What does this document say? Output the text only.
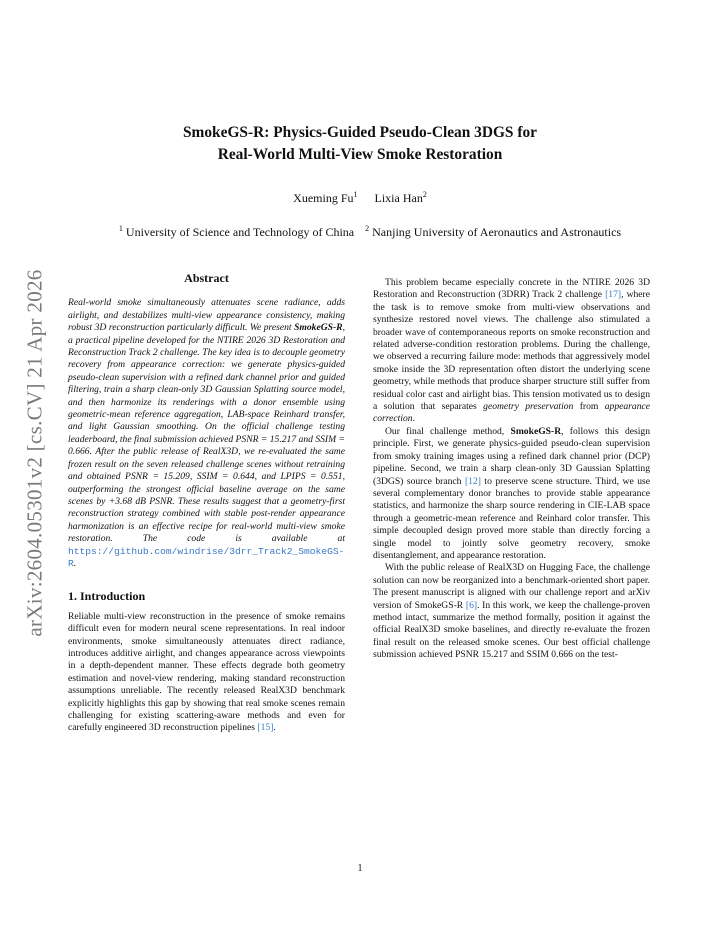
arXiv:2604.05301v2 [cs.CV] 21 Apr 2026
SmokeGS-R: Physics-Guided Pseudo-Clean 3DGS for
Real-World Multi-View Smoke Restoration
Xueming Fu$^1$ Lixia Han$^2$
$^1$ University of Science and Technology of China $^2$ Nanjing University of Aeronautics and Astronautics
Abstract

Real-world smoke simultaneously attenuates scene radiance, adds airlight, and destabilizes multi-view appearance consistency, making robust 3D reconstruction particularly difficult. We present SmokeGS-R, a practical pipeline developed for the NTIRE 2026 3D Restoration and Reconstruction Track 2 challenge. The key idea is to decouple geometry recovery from appearance correction: we generate physics-guided pseudo-clean supervision with a refined dark channel prior and guided filtering, train a sharp clean-only 3D Gaussian Splatting source model, and then harmonize its renderings with a donor ensemble using geometric-mean reference aggregation, LAB-space Reinhard transfer, and light Gaussian smoothing. On the official challenge testing leaderboard, the final submission achieved PSNR = 15.217 and SSIM = 0.666. After the public release of RealX3D, we re-evaluated the same frozen result on the seven released challenge scenes without retraining and obtained PSNR = 15.209, SSIM = 0.644, and LPIPS = 0.551, outperforming the strongest official baseline average on the same scenes by +3.68 dB PSNR. These results suggest that a geometry-first reconstruction strategy combined with stable post-render appearance harmonization is an effective recipe for real-world multi-view smoke restoration. The code is available at https://github.com/windrise/3drr_Track2_SmokeGS-R.

1. Introduction

Reliable multi-view reconstruction in the presence of smoke remains difficult even for modern neural scene representations. In real indoor environments, smoke simultaneously attenuates direct radiance, introduces additive airlight, and changes appearance across viewpoints in a depth-dependent manner. These effects degrade both geometry estimation and novel-view rendering, making standard reconstruction assumptions unreliable. The recently released RealX3D benchmark explicitly highlights this gap by showing that real smoke scenes remain challenging for existing scattering-aware methods and even for carefully engineered 3D reconstruction pipelines [15].

This problem became especially concrete in the NTIRE 2026 3D Restoration and Reconstruction (3DRR) Track 2 challenge [17], where the task is to remove smoke from multi-view observations and synthesize restored novel views. The challenge also stimulated a broader wave of contemporaneous reports on smoke reconstruction and related adverse-condition restoration problems. During the challenge, we observed a recurring failure mode: methods that aggressively model smoke inside the 3D representation often distort the underlying scene geometry, while methods that produce sharper structure still suffer from residual color cast and airlight bias. This tension motivated us to design a solution that separates geometry preservation from appearance correction.

Our final challenge method, SmokeGS-R, follows this design principle. First, we generate physics-guided pseudo-clean supervision from smoky training images using a refined dark channel prior (DCP) pipeline. Second, we train a sharp clean-only 3D Gaussian Splatting (3DGS) source branch [12] to preserve scene structure. Third, we use several complementary donor branches to provide stable appearance statistics, and harmonize the sharp source rendering in CIE-LAB space through a geometric-mean reference and Reinhard color transfer. This simple decoupled design proved more stable than directly forcing a single model to jointly solve geometry recovery, smoke disentanglement, and appearance restoration.

With the public release of RealX3D on Hugging Face, the challenge solution can now be reorganized into a benchmark-oriented short paper. The present manuscript is aligned with our challenge report and arXiv version of SmokeGS-R [6]. In this work, we keep the challenge-proven method intact, summarize the method formally, position it against the official RealX3D smoke baselines, and directly re-evaluate the frozen final result on the released smoke scenes. Our best official challenge submission achieved PSNR 15.217 and SSIM 0.666 on the test-

1
